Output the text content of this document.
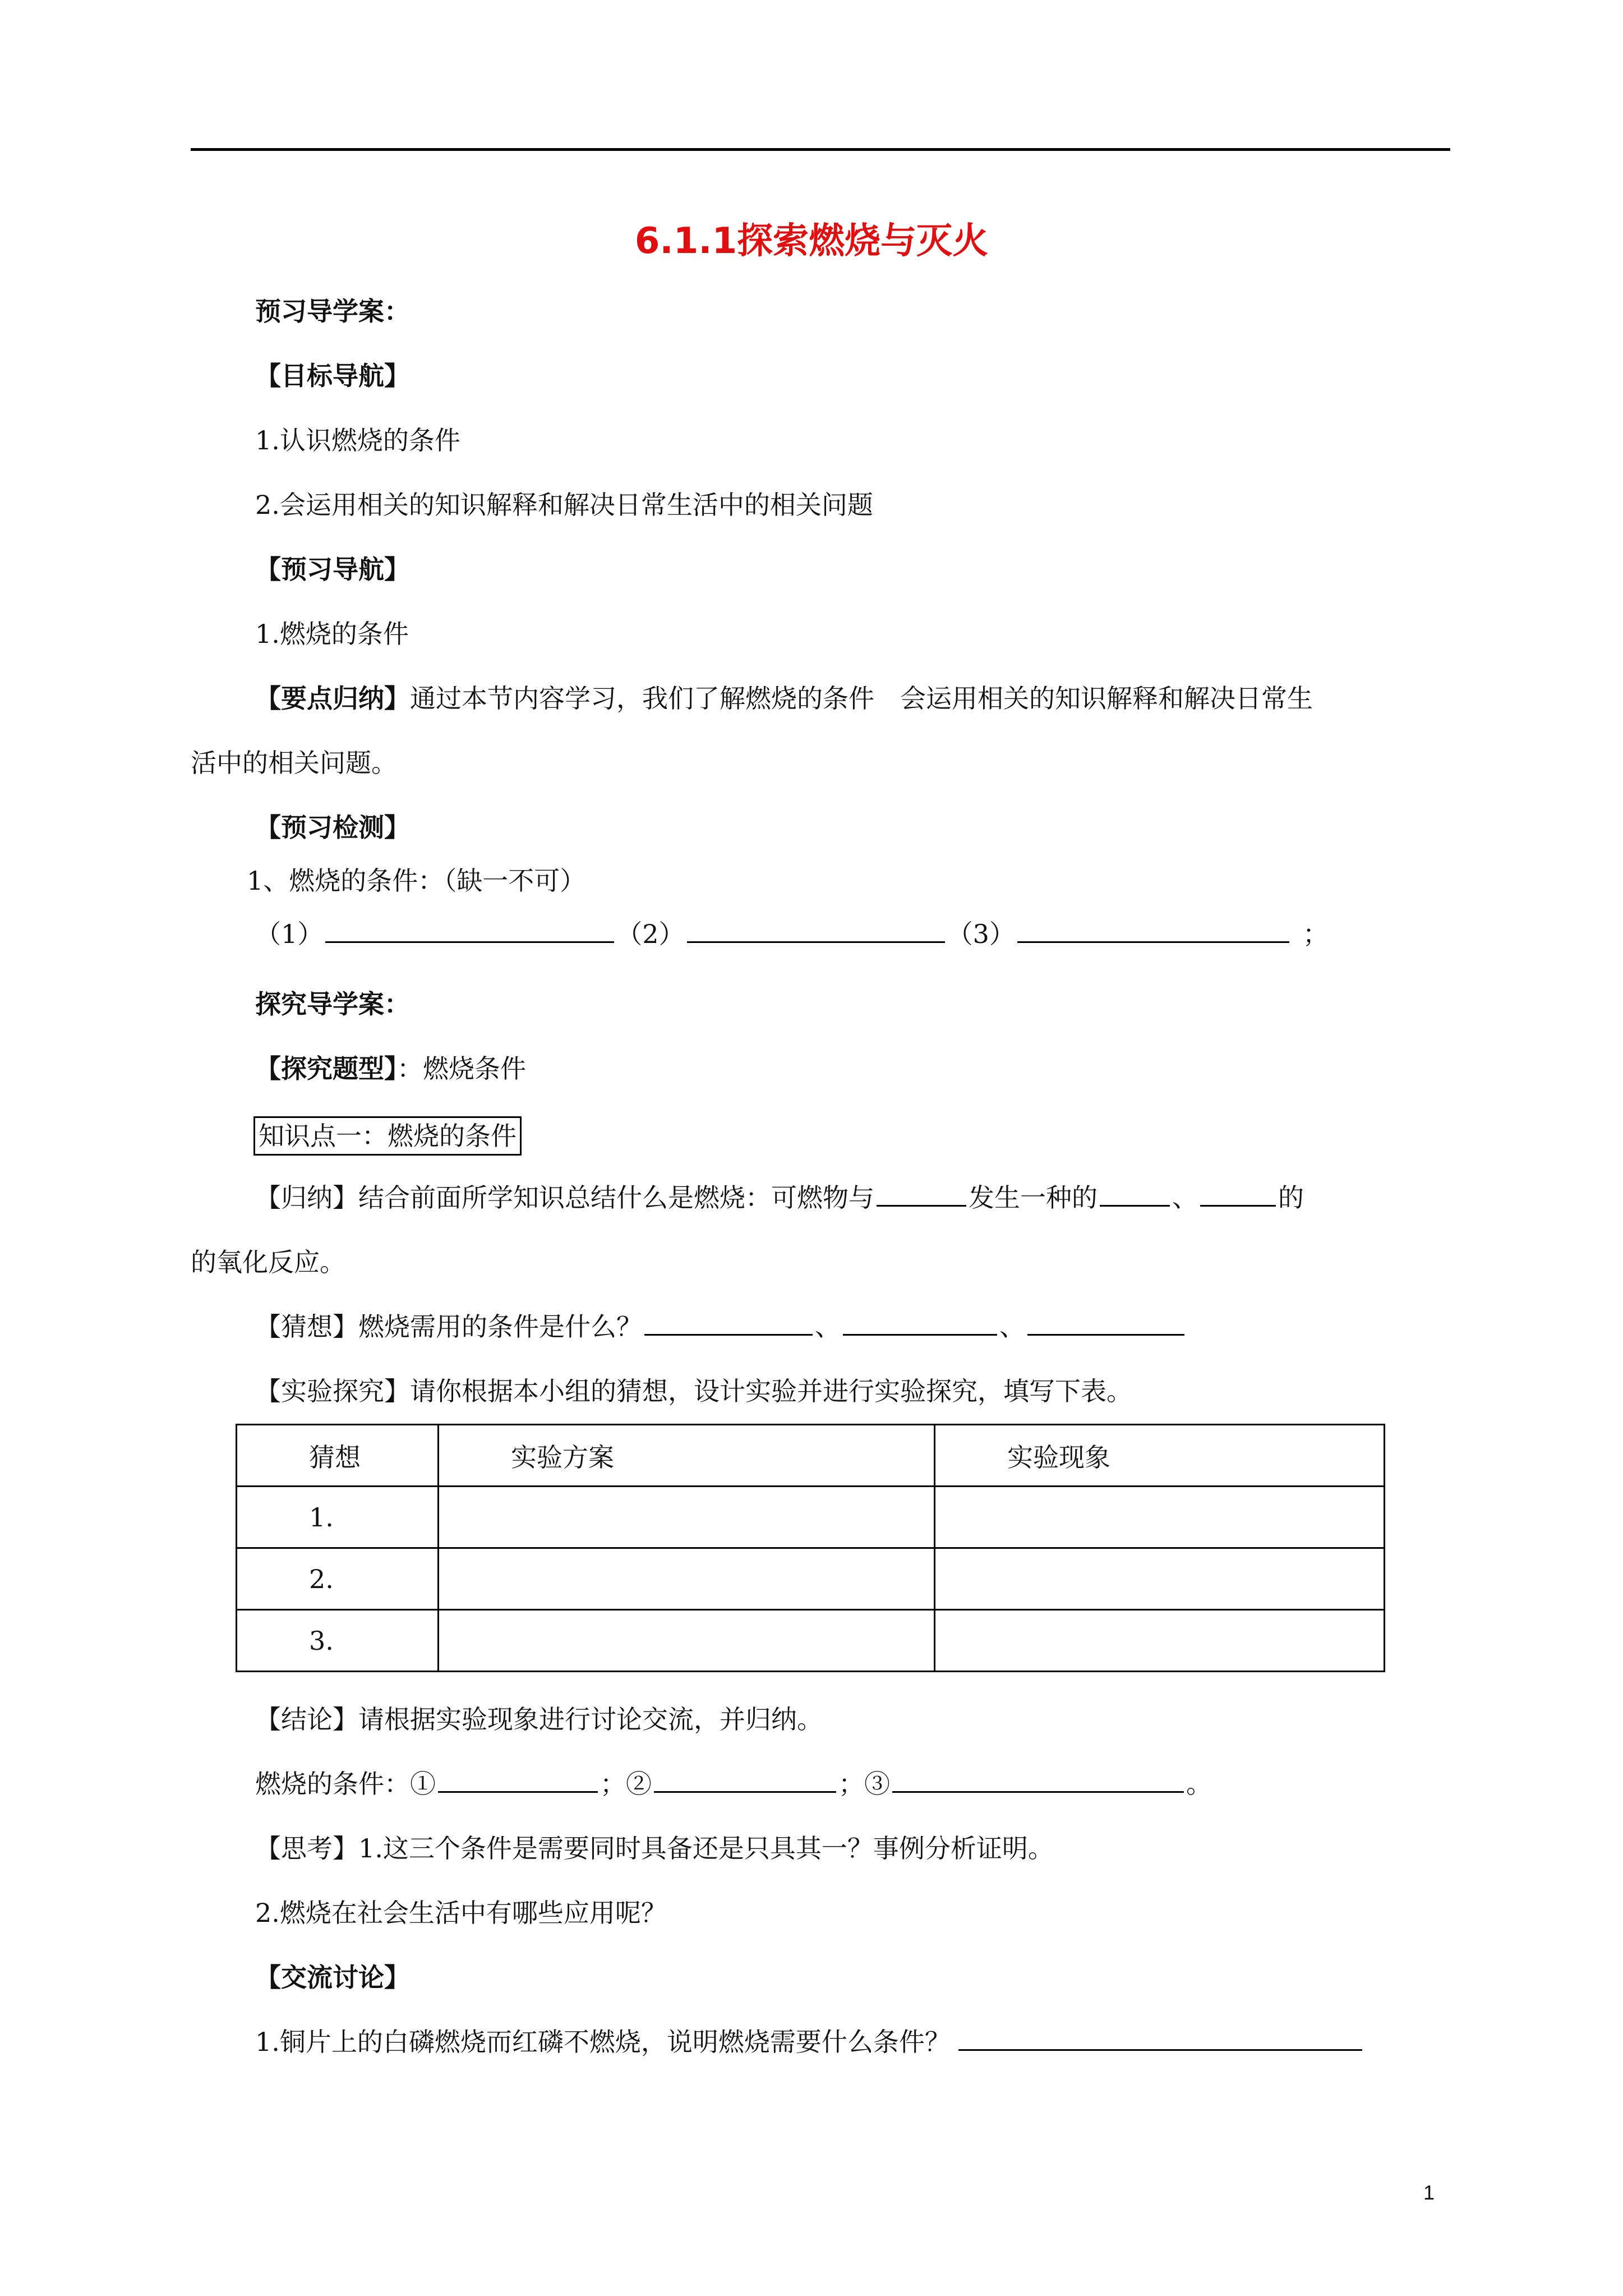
6.1.1探索燃烧与灭火
预习导学案：
【目标导航】
1.认识燃烧的条件
2.会运用相关的知识解释和解决日常生活中的相关问题
【预习导航】
1.燃烧的条件
【要点归纳】通过本节内容学习，我们了解燃烧的条件　会运用相关的知识解释和解决日常生
活中的相关问题。
【预习检测】
1、燃烧的条件：（缺一不可）
（1）	（2）	（3）	；
探究导学案：
【探究题型】：燃烧条件
知识点一：燃烧的条件
【归纳】结合前面所学知识总结什么是燃烧：可燃物与	发生一种的	、	的
的氧化反应。
【猜想】燃烧需用的条件是什么？	、	、
【实验探究】请你根据本小组的猜想，设计实验并进行实验探究，填写下表。
猜想	实验方案	实验现象
1.		
2.		
3.		
【结论】请根据实验现象进行讨论交流，并归纳。
燃烧的条件：①	；②	；③	。
【思考】1.这三个条件是需要同时具备还是只具其一？事例分析证明。
2.燃烧在社会生活中有哪些应用呢？
【交流讨论】
1.铜片上的白磷燃烧而红磷不燃烧，说明燃烧需要什么条件？
1
